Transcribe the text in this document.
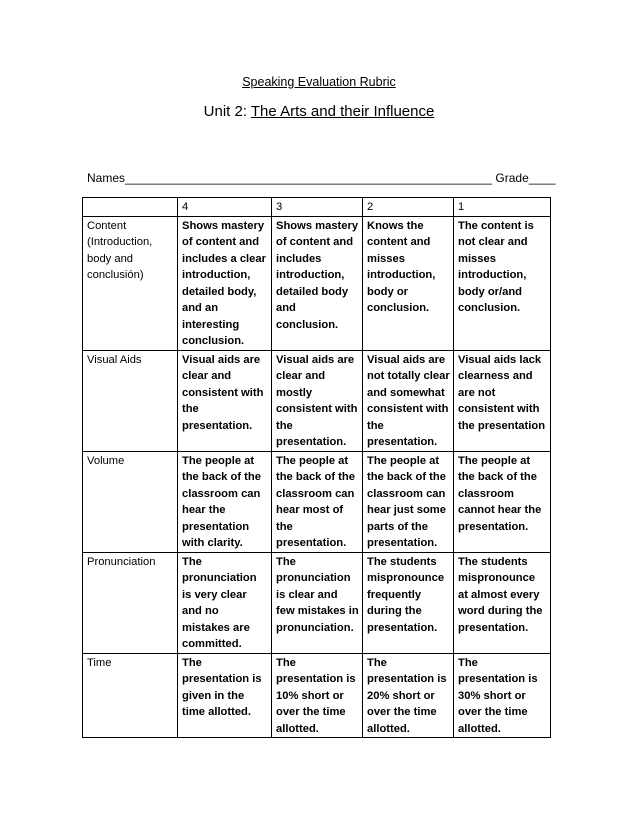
Speaking Evaluation Rubric
Unit 2: The Arts and their Influence
Names_______________________________________________________ Grade____
	4	3	2	1
Content (Introduction, body and conclusión)	Shows mastery of content and includes a clear introduction, detailed body, and an interesting conclusion.	Shows mastery of content and includes introduction, detailed body and conclusion.	Knows the content and misses introduction, body or conclusion.	The content is not clear and misses introduction, body or/and conclusion.
Visual Aids	Visual aids are clear and consistent with the presentation.	Visual aids are clear and mostly consistent with the presentation.	Visual aids are not totally clear and somewhat consistent with the presentation.	Visual aids lack clearness and are not consistent with the presentation
Volume	The people at the back of the classroom can hear the presentation with clarity.	The people at the back of the classroom can hear most of the presentation.	The people at the back of the classroom can hear just some parts of the presentation.	The people at the back of the classroom cannot hear the presentation.
Pronunciation	The pronunciation is very clear and no mistakes are committed.	The pronunciation is clear and few mistakes in pronunciation.	The students mispronounce frequently during the presentation.	The students mispronounce at almost every word during the presentation.
Time	The presentation is given in the time allotted.	The presentation is 10% short or over the time allotted.	The presentation is 20% short or over the time allotted.	The presentation is 30% short or over the time allotted.
